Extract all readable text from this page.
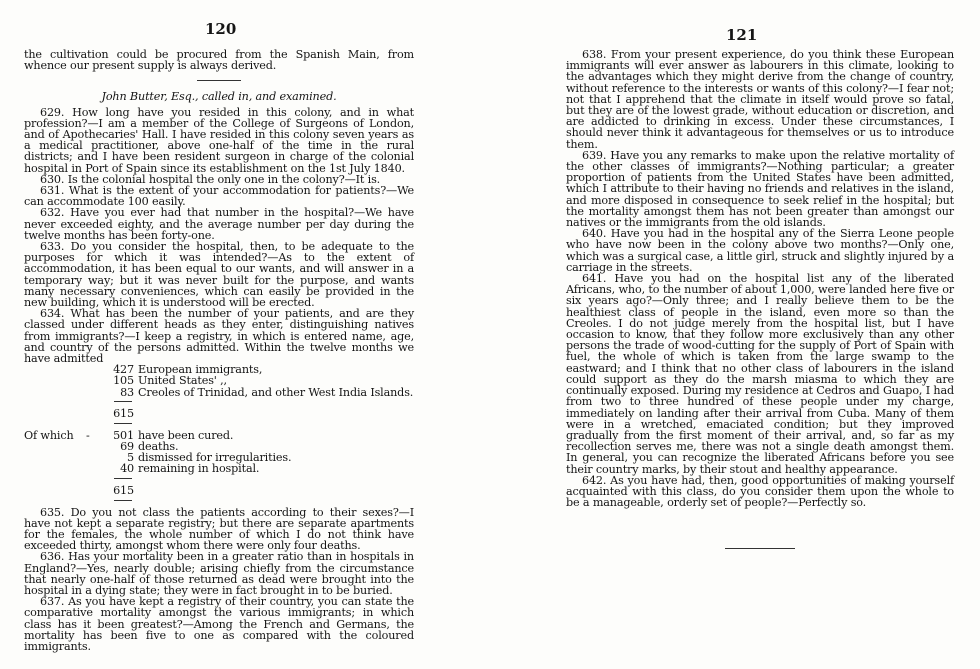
120

the cultivation could be procured from the Spanish Main, from whence our present supply is always derived.

John Butter, Esq., called in, and examined.

629. How long have you resided in this colony, and in what profession?—I am a member of the College of Surgeons of London, and of Apothecaries' Hall. I have resided in this colony seven years as a medical practitioner, above one-half of the time in the rural districts; and I have been resident surgeon in charge of the colonial hospital in Port of Spain since its establishment on the 1st July 1840.

630. Is the colonial hospital the only one in the colony?—It is.

631. What is the extent of your accommodation for patients?—We can accommodate 100 easily.

632. Have you ever had that number in the hospital?—We have never exceeded eighty, and the average number per day during the twelve months has been forty-one.

633. Do you consider the hospital, then, to be adequate to the purposes for which it was intended?—As to the extent of accommodation, it has been equal to our wants, and will answer in a temporary way; but it was never built for the purpose, and wants many necessary conveniences, which can easily be provided in the new building, which it is understood will be erected.

634. What has been the number of your patients, and are they classed under different heads as they enter, distinguishing natives from immigrants?—I keep a registry, in which is entered name, age, and country of the persons admitted. Within the twelve months we have admitted

427 European immigrants,
105 United States' ,,
83 Creoles of Trinidad, and other West India Islands.
615
Of which	-	501 have been cured.
69 deaths.
5 dismissed for irregularities.
40 remaining in hospital.
615

635. Do you not class the patients according to their sexes?—I have not kept a separate registry; but there are separate apartments for the females, the whole number of which I do not think have exceeded thirty, amongst whom there were only four deaths.

636. Has your mortality been in a greater ratio than in hospitals in England?—Yes, nearly double; arising chiefly from the circumstance that nearly one-half of those returned as dead were brought into the hospital in a dying state; they were in fact brought in to be buried.

637. As you have kept a registry of their country, you can state the comparative mortality amongst the various immigrants; in which class has it been greatest?—Among the French and Germans, the mortality has been five to one as compared with the coloured immigrants.

121

638. From your present experience, do you think these European immigrants will ever answer as labourers in this climate, looking to the advantages which they might derive from the change of country, without reference to the interests or wants of this colony?—I fear not; not that I apprehend that the climate in itself would prove so fatal, but they are of the lowest grade, without education or discretion, and are addicted to drinking in excess. Under these circumstances, I should never think it advantageous for themselves or us to introduce them.

639. Have you any remarks to make upon the relative mortality of the other classes of immigrants?—Nothing particular; a greater proportion of patients from the United States have been admitted, which I attribute to their having no friends and relatives in the island, and more disposed in consequence to seek relief in the hospital; but the mortality amongst them has not been greater than amongst our natives or the immigrants from the old islands.

640. Have you had in the hospital any of the Sierra Leone people who have now been in the colony above two months?—Only one, which was a surgical case, a little girl, struck and slightly injured by a carriage in the streets.

641. Have you had on the hospital list any of the liberated Africans, who, to the number of about 1,000, were landed here five or six years ago?—Only three; and I really believe them to be the healthiest class of people in the island, even more so than the Creoles. I do not judge merely from the hospital list, but I have occasion to know, that they follow more exclusively than any other persons the trade of wood-cutting for the supply of Port of Spain with fuel, the whole of which is taken from the large swamp to the eastward; and I think that no other class of labourers in the island could support as they do the marsh miasma to which they are continually exposed. During my residence at Cedros and Guapo, I had from two to three hundred of these people under my charge, immediately on landing after their arrival from Cuba. Many of them were in a wretched, emaciated condition; but they improved gradually from the first moment of their arrival, and, so far as my recollection serves me, there was not a single death amongst them. In general, you can recognize the liberated Africans before you see their country marks, by their stout and healthy appearance.

642. As you have had, then, good opportunities of making yourself acquainted with this class, do you consider them upon the whole to be a manageable, orderly set of people?—Perfectly so.
